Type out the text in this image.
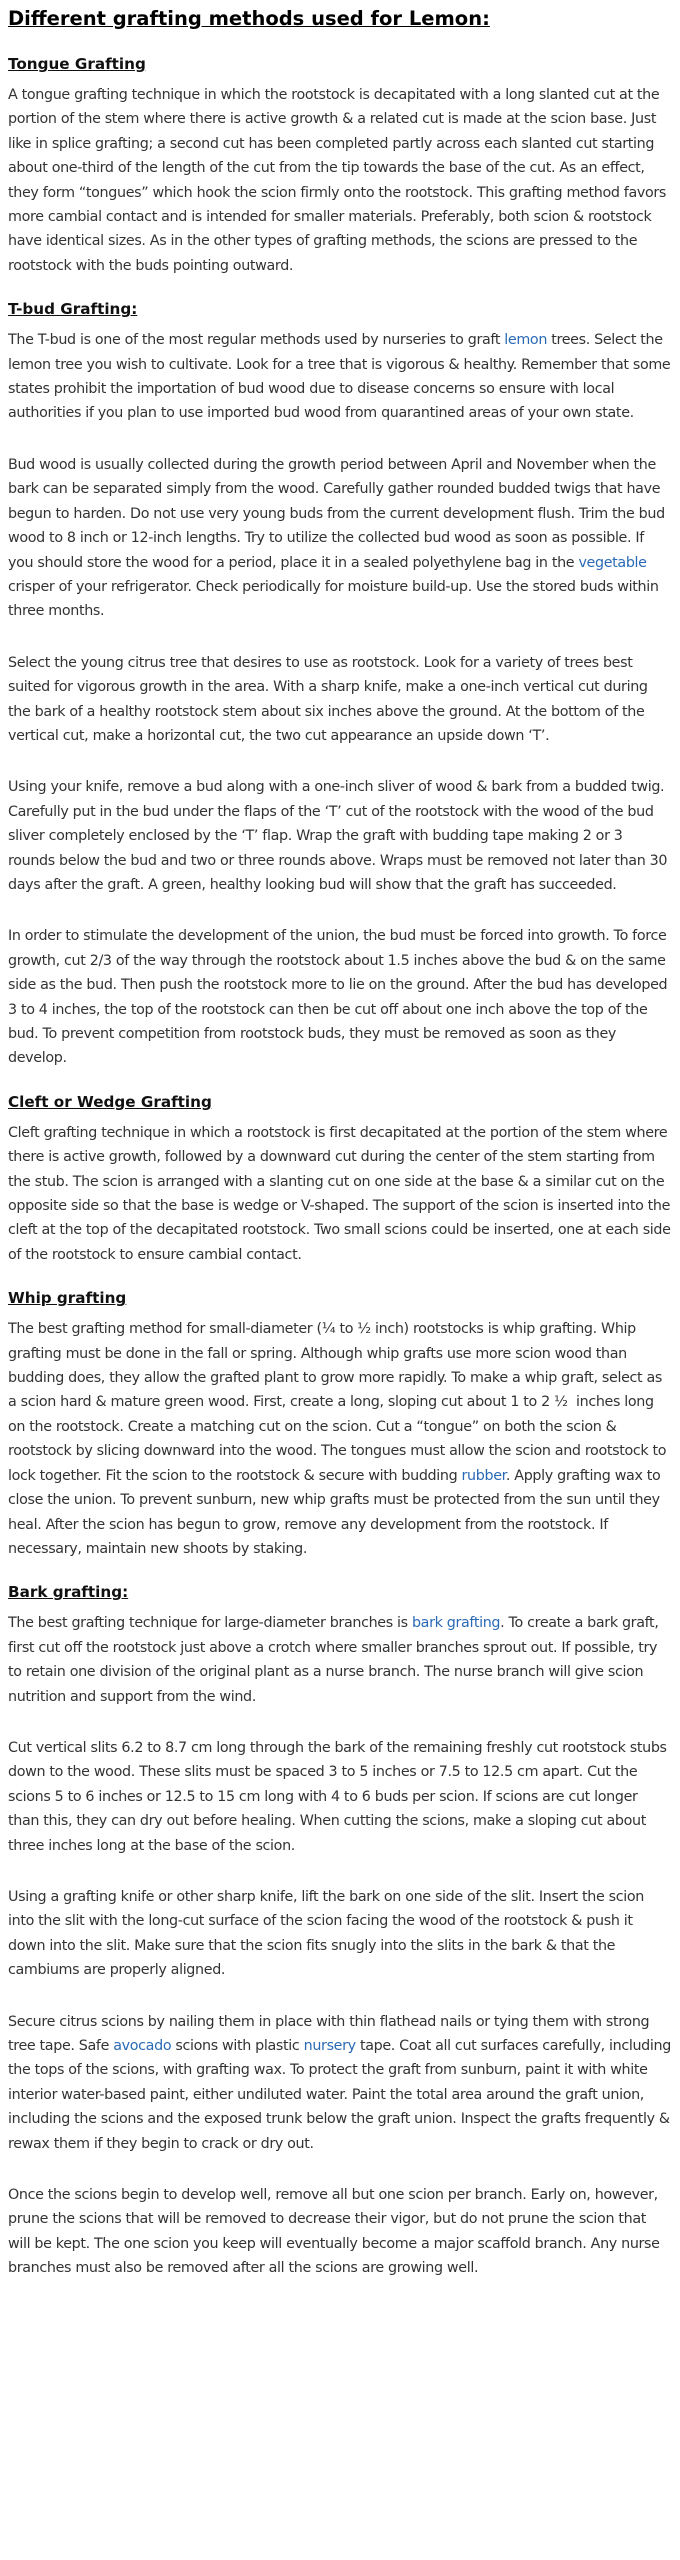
Different grafting methods used for Lemon:
Tongue Grafting

A tongue grafting technique in which the rootstock is decapitated with a long slanted cut at the portion of the stem where there is active growth & a related cut is made at the scion base. Just like in splice grafting; a second cut has been completed partly across each slanted cut starting about one-third of the length of the cut from the tip towards the base of the cut. As an effect, they form “tongues” which hook the scion firmly onto the rootstock. This grafting method favors more cambial contact and is intended for smaller materials. Preferably, both scion & rootstock have identical sizes. As in the other types of grafting methods, the scions are pressed to the rootstock with the buds pointing outward.

T-bud Grafting:

The T-bud is one of the most regular methods used by nurseries to graft lemon trees. Select the lemon tree you wish to cultivate. Look for a tree that is vigorous & healthy. Remember that some states prohibit the importation of bud wood due to disease concerns so ensure with local authorities if you plan to use imported bud wood from quarantined areas of your own state.

Bud wood is usually collected during the growth period between April and November when the bark can be separated simply from the wood. Carefully gather rounded budded twigs that have begun to harden. Do not use very young buds from the current development flush. Trim the bud wood to 8 inch or 12-inch lengths. Try to utilize the collected bud wood as soon as possible. If you should store the wood for a period, place it in a sealed polyethylene bag in the vegetable crisper of your refrigerator. Check periodically for moisture build-up. Use the stored buds within three months.

Select the young citrus tree that desires to use as rootstock. Look for a variety of trees best suited for vigorous growth in the area. With a sharp knife, make a one-inch vertical cut during the bark of a healthy rootstock stem about six inches above the ground. At the bottom of the vertical cut, make a horizontal cut, the two cut appearance an upside down ‘T’.

Using your knife, remove a bud along with a one-inch sliver of wood & bark from a budded twig. Carefully put in the bud under the flaps of the ‘T’ cut of the rootstock with the wood of the bud sliver completely enclosed by the ‘T’ flap. Wrap the graft with budding tape making 2 or 3 rounds below the bud and two or three rounds above. Wraps must be removed not later than 30 days after the graft. A green, healthy looking bud will show that the graft has succeeded.

In order to stimulate the development of the union, the bud must be forced into growth. To force growth, cut 2/3 of the way through the rootstock about 1.5 inches above the bud & on the same side as the bud. Then push the rootstock more to lie on the ground. After the bud has developed 3 to 4 inches, the top of the rootstock can then be cut off about one inch above the top of the bud. To prevent competition from rootstock buds, they must be removed as soon as they develop.

Cleft or Wedge Grafting

Cleft grafting technique in which a rootstock is first decapitated at the portion of the stem where there is active growth, followed by a downward cut during the center of the stem starting from the stub. The scion is arranged with a slanting cut on one side at the base & a similar cut on the opposite side so that the base is wedge or V-shaped. The support of the scion is inserted into the cleft at the top of the decapitated rootstock. Two small scions could be inserted, one at each side of the rootstock to ensure cambial contact.

Whip grafting

The best grafting method for small-diameter (¼ to ½ inch) rootstocks is whip grafting. Whip grafting must be done in the fall or spring. Although whip grafts use more scion wood than budding does, they allow the grafted plant to grow more rapidly. To make a whip graft, select as a scion hard & mature green wood. First, create a long, sloping cut about 1 to 2 ½  inches long on the rootstock. Create a matching cut on the scion. Cut a “tongue” on both the scion & rootstock by slicing downward into the wood. The tongues must allow the scion and rootstock to lock together. Fit the scion to the rootstock & secure with budding rubber. Apply grafting wax to close the union. To prevent sunburn, new whip grafts must be protected from the sun until they heal. After the scion has begun to grow, remove any development from the rootstock. If necessary, maintain new shoots by staking.

Bark grafting:

The best grafting technique for large-diameter branches is bark grafting. To create a bark graft, first cut off the rootstock just above a crotch where smaller branches sprout out. If possible, try to retain one division of the original plant as a nurse branch. The nurse branch will give scion nutrition and support from the wind.

Cut vertical slits 6.2 to 8.7 cm long through the bark of the remaining freshly cut rootstock stubs down to the wood. These slits must be spaced 3 to 5 inches or 7.5 to 12.5 cm apart. Cut the scions 5 to 6 inches or 12.5 to 15 cm long with 4 to 6 buds per scion. If scions are cut longer than this, they can dry out before healing. When cutting the scions, make a sloping cut about three inches long at the base of the scion.

Using a grafting knife or other sharp knife, lift the bark on one side of the slit. Insert the scion into the slit with the long-cut surface of the scion facing the wood of the rootstock & push it down into the slit. Make sure that the scion fits snugly into the slits in the bark & that the cambiums are properly aligned.

Secure citrus scions by nailing them in place with thin flathead nails or tying them with strong tree tape. Safe avocado scions with plastic nursery tape. Coat all cut surfaces carefully, including the tops of the scions, with grafting wax. To protect the graft from sunburn, paint it with white interior water-based paint, either undiluted water. Paint the total area around the graft union, including the scions and the exposed trunk below the graft union. Inspect the grafts frequently & rewax them if they begin to crack or dry out.

Once the scions begin to develop well, remove all but one scion per branch. Early on, however, prune the scions that will be removed to decrease their vigor, but do not prune the scion that will be kept. The one scion you keep will eventually become a major scaffold branch. Any nurse branches must also be removed after all the scions are growing well.
